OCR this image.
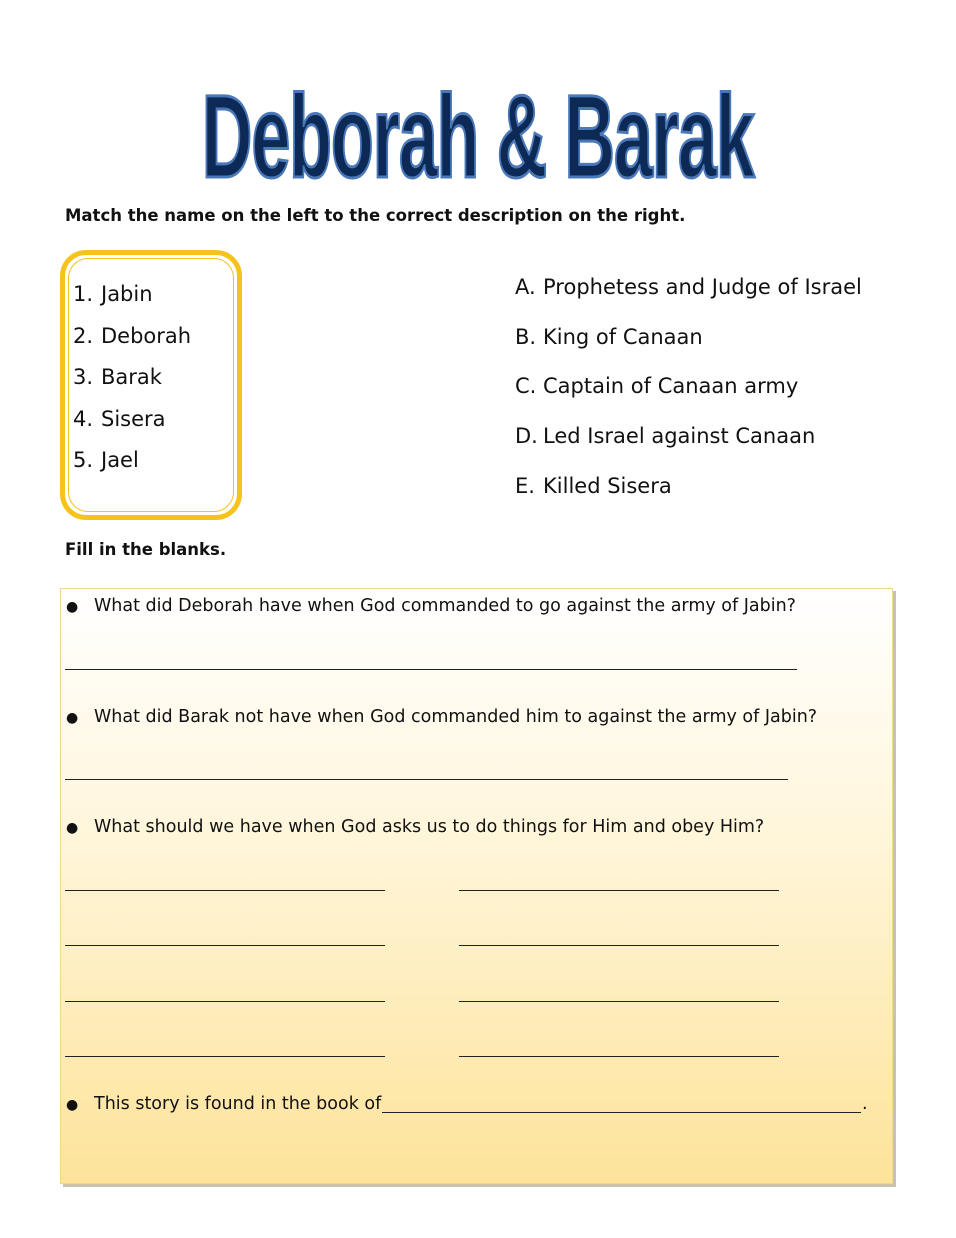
Deborah & Barak
Match the name on the left to the correct description on the right.
1. Jabin
2. Deborah
3. Barak
4. Sisera
5. Jael
A. Prophetess and Judge of Israel
B. King of Canaan
C. Captain of Canaan army
D. Led Israel against Canaan
E. Killed Sisera
Fill in the blanks.
● What did Deborah have when God commanded to go against the army of Jabin?
● What did Barak not have when God commanded him to against the army of Jabin?
● What should we have when God asks us to do things for Him and obey Him?
● This story is found in the book of	.
